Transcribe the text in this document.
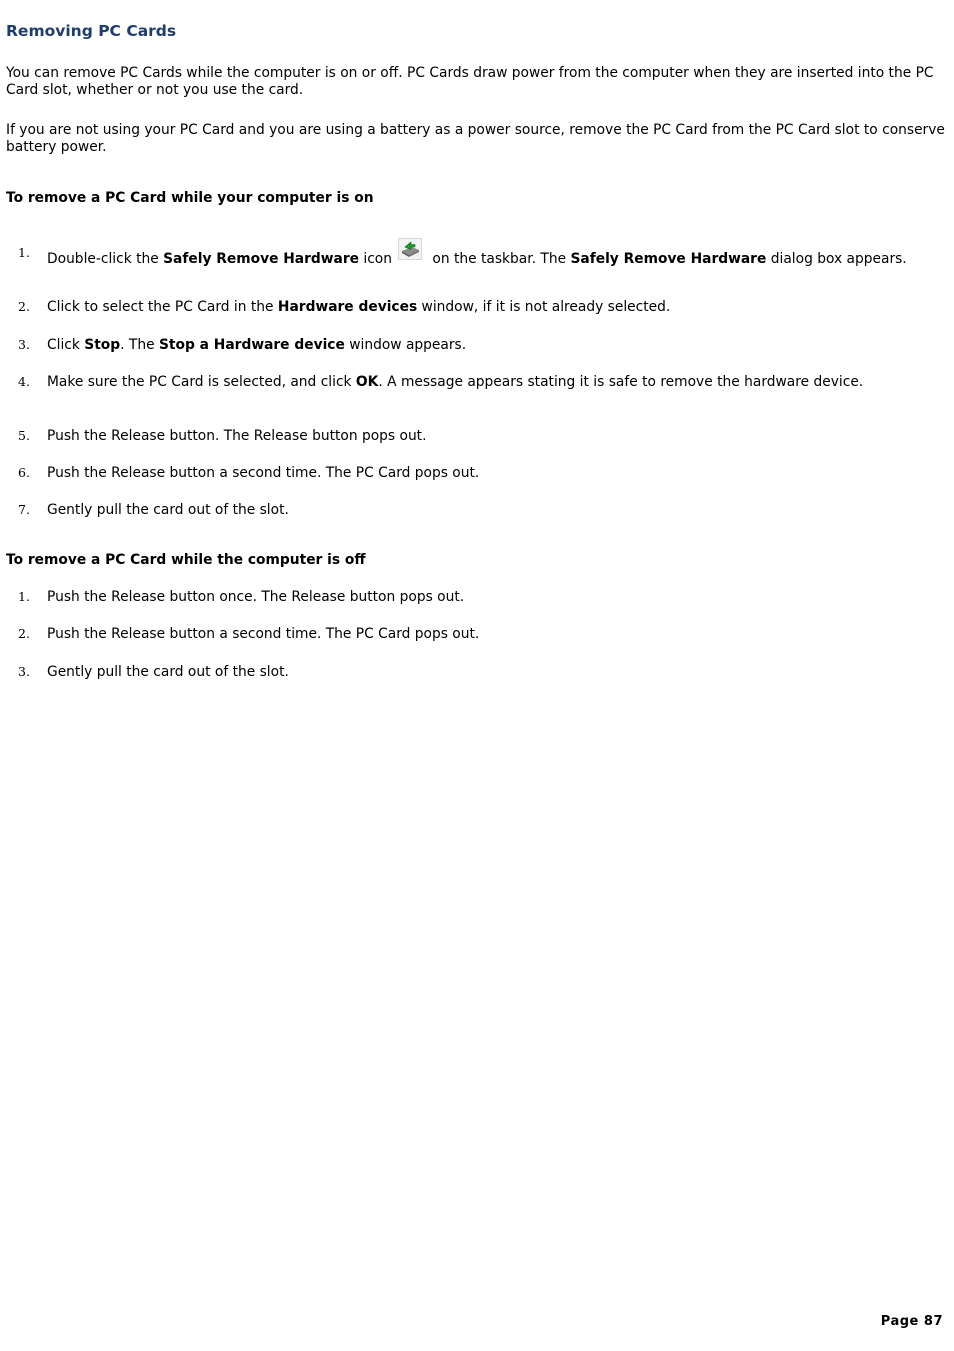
Removing PC Cards

You can remove PC Cards while the computer is on or off. PC Cards draw power from the computer when they are inserted into the PC Card slot, whether or not you use the card.

If you are not using your PC Card and you are using a battery as a power source, remove the PC Card from the PC Card slot to conserve battery power.

To remove a PC Card while your computer is on
1. Double-click the Safely Remove Hardware icon	on the taskbar. The Safely Remove Hardware dialog box appears.
2. Click to select the PC Card in the Hardware devices window, if it is not already selected.
3. Click Stop. The Stop a Hardware device window appears.
4. Make sure the PC Card is selected, and click OK. A message appears stating it is safe to remove the hardware device.
5. Push the Release button. The Release button pops out.
6. Push the Release button a second time. The PC Card pops out.
7. Gently pull the card out of the slot.
To remove a PC Card while the computer is off
1. Push the Release button once. The Release button pops out.
2. Push the Release button a second time. The PC Card pops out.
3. Gently pull the card out of the slot.
Page 87
